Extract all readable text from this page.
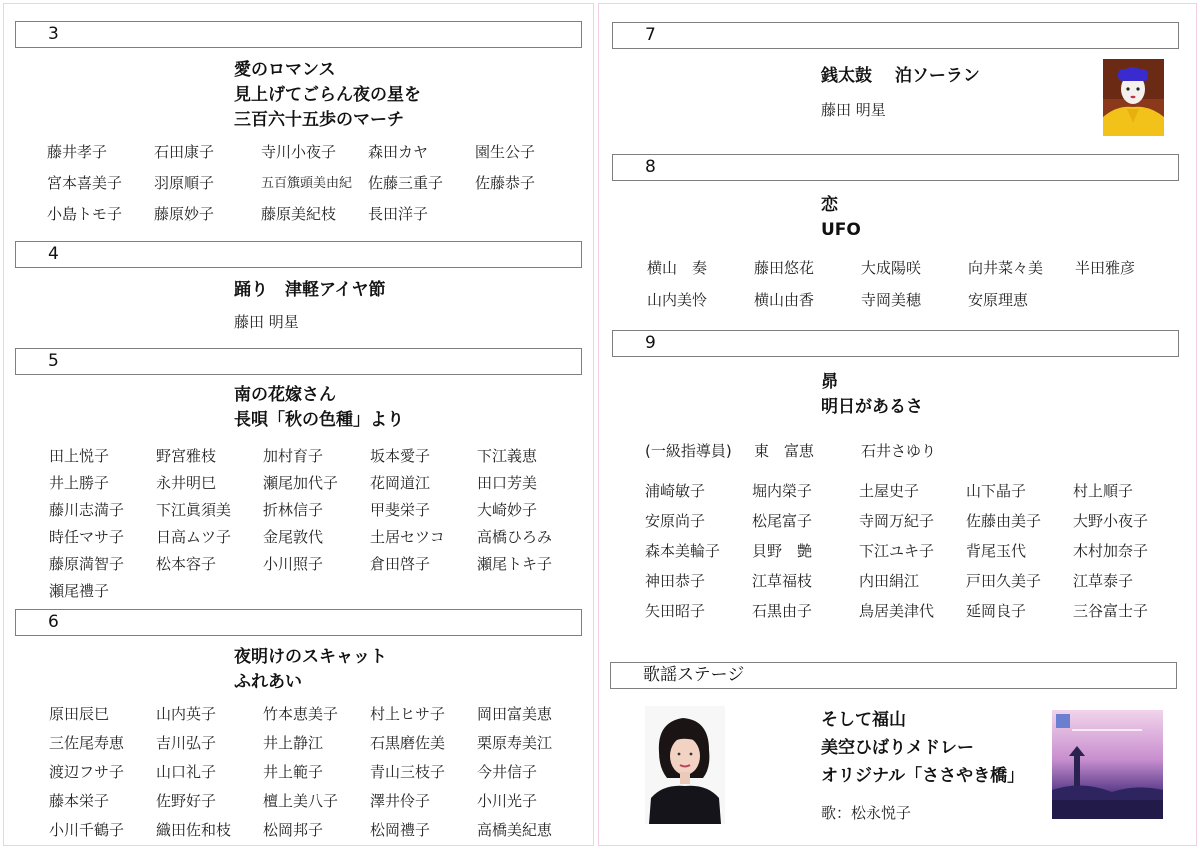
3
愛のロマンス
見上げてごらん夜の星を
三百六十五歩のマーチ
藤井孝子	石田康子	寺川小夜子	森田カヤ	園生公子
宮本喜美子	羽原順子	五百籏頭美由紀	佐藤三重子	佐藤恭子
小島トモ子	藤原妙子	藤原美紀枝	長田洋子
4
踊り　津軽アイヤ節
藤田 明星
5
南の花嫁さん
長唄「秋の色種」より
田上悦子	野宮雅枝	加村育子	坂本愛子	下江義恵
井上勝子	永井明巳	瀬尾加代子	花岡道江	田口芳美
藤川志満子	下江眞須美	折林信子	甲斐栄子	大崎妙子
時任マサ子	日高ムツ子	金尾敦代	土居セツコ	高橋ひろみ
藤原満智子	松本容子	小川照子	倉田啓子	瀬尾トキ子
瀬尾禮子
6
夜明けのスキャット
ふれあい
原田辰巳	山内英子	竹本恵美子	村上ヒサ子	岡田富美恵
三佐尾寿恵	吉川弘子	井上静江	石黒磨佐美	栗原寿美江
渡辺フサ子	山口礼子	井上範子	青山三枝子	今井信子
藤本栄子	佐野好子	檀上美八子	澤井伶子	小川光子
小川千鶴子	織田佐和枝	松岡邦子	松岡禮子	高橋美紀恵
7
銭太鼓　 泊ソーラン
藤田 明星
8
恋
UFO
横山　奏	藤田悠花	大成陽咲	向井菜々美	半田雅彦
山内美怜	横山由香	寺岡美穂	安原理恵
9
昴
明日があるさ
(一級指導員) 東　富恵	石井さゆり
浦崎敏子	堀内榮子	土屋史子	山下晶子	村上順子
安原尚子	松尾富子	寺岡万紀子	佐藤由美子	大野小夜子
森本美輪子	貝野　艶	下江ユキ子	背尾玉代	木村加奈子
神田恭子	江草福枝	内田絹江	戸田久美子	江草泰子
矢田昭子	石黒由子	鳥居美津代	延岡良子	三谷富士子
歌謡ステージ
そして福山
美空ひばりメドレー
オリジナル「ささやき橋」
歌：松永悦子
